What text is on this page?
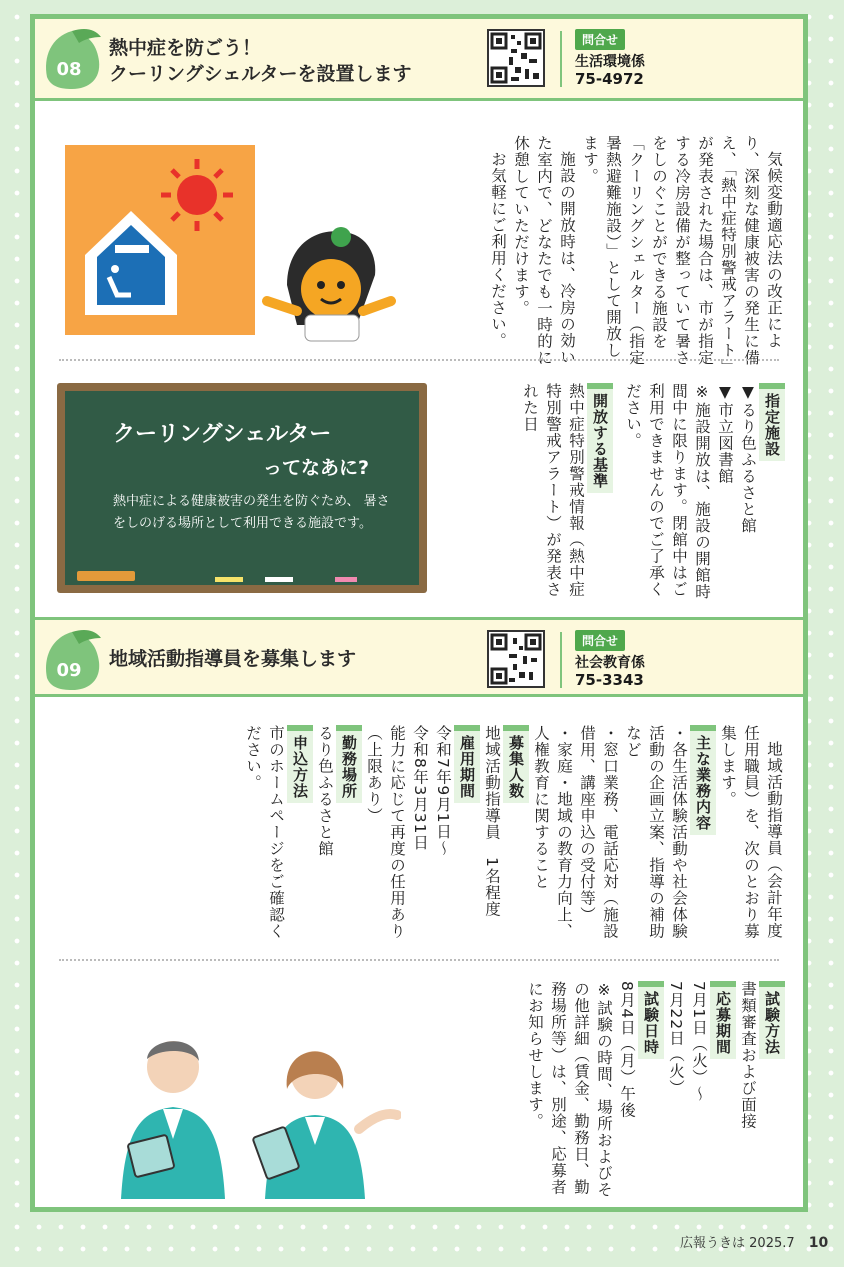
08
熱中症を防ごう！
クーリングシェルターを設置します
問合せ
生活環境係
75-4972

気候変動適応法の改正により、深刻な健康被害の発生に備え、「熱中症特別警戒アラート」が発表された場合は、市が指定する冷房設備が整っていて暑さをしのぐことができる施設を「クーリングシェルター（指定暑熱避難施設）」として開放します。

施設の開放時は、冷房の効いた室内で、どなたでも一時的に休憩していただけます。

お気軽にご利用ください。

指定施設

▼るり色ふるさと館

▼市立図書館

※施設開放は、施設の開館時間中に限ります。閉館中はご利用できませんのでご了承ください。

開放する基準

熱中症特別警戒情報（熱中症特別警戒アラート）が発表された日

クーリングシェルター
ってなあに?
熱中症による健康被害の発生を防ぐため、 暑さをしのげる場所として利用できる施設です。
09
地域活動指導員を募集します
問合せ
社会教育係
75-3343

地域活動指導員（会計年度任用職員）を、次のとおり募集します。

主な業務内容

・各生活体験活動や社会体験活動の企画立案、指導の補助など

・窓口業務、電話応対（施設借用、講座申込の受付等）

・家庭・地域の教育力向上、人権教育に関すること

募集人数

地域活動指導員　1名程度

雇用期間

令和7年9月1日～

令和8年3月31日

能力に応じて再度の任用あり（上限あり）

勤務場所

るり色ふるさと館

申込方法

市のホームページをご確認ください。

試験方法

書類審査および面接

応募期間

7月1日（火）～

7月22日（火）

試験日時

8月4日（月）午後

※試験の時間、場所およびその他詳細（賃金、勤務日、勤務場所等）は、別途、応募者にお知らせします。

広報うきは 2025.7 10
